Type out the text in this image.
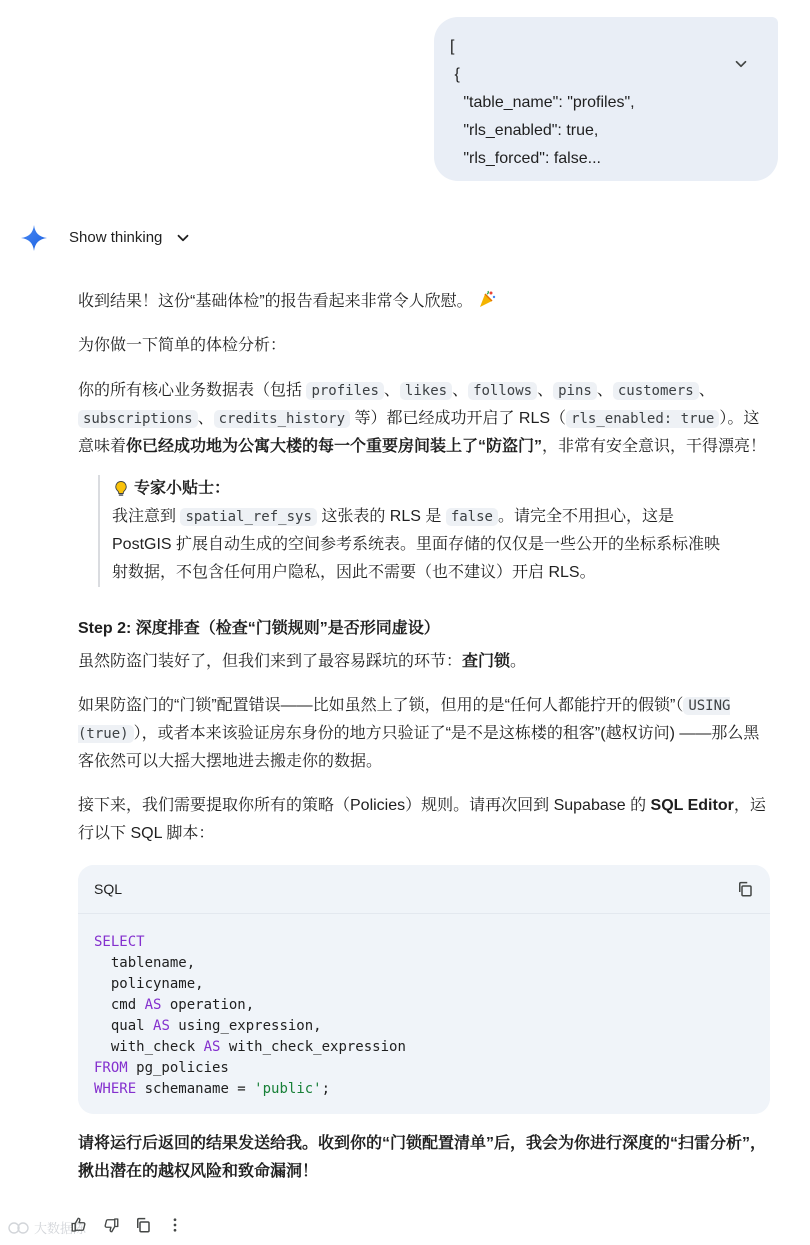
[
{
"table_name": "profiles",
"rls_enabled": true,
"rls_forced": false...
Show thinking
收到结果！这份“基础体检”的报告看起来非常令人欣慰。
为你做一下简单的体检分析：
你的所有核心业务数据表（包括 profiles 、 likes 、 follows 、 pins 、 customers 、
subscriptions 、 credits_history 等）都已经成功开启了 RLS（ rls_enabled: true ）。这意味着你已经成功地为公寓大楼的每一个重要房间装上了“防盗门”，非常有安全意识，干得漂亮！
专家小贴士：
我注意到 spatial_ref_sys 这张表的 RLS 是 false 。请完全不用担心，这是
PostGIS 扩展自动生成的空间参考系统表。里面存储的仅仅是一些公开的坐标系标准映
射数据，不包含任何用户隐私，因此不需要（也不建议）开启 RLS。
Step 2: 深度排查（检查“门锁规则”是否形同虚设）
虽然防盗门装好了，但我们来到了最容易踩坑的环节：查门锁。
如果防盗门的“门锁”配置错误——比如虽然上了锁，但用的是“任何人都能拧开的假锁”（ USING (true) ），或者本来该验证房东身份的地方只验证了“是不是这栋楼的租客”(越权访问) ——那么黑客依然可以大摇大摆地进去搬走你的数据。
接下来，我们需要提取你所有的策略（Policies）规则。请再次回到 Supabase 的 SQL Editor，运行以下 SQL 脚本：
SQL
SELECT
tablename,
policyname,
cmd AS operation,
qual AS using_expression,
with_check AS with_check_expression
FROM pg_policies
WHERE schemaname = 'public';
请将运行后返回的结果发送给我。收到你的“门锁配置清单”后，我会为你进行深度的“扫雷分析”，揪出潜在的越权风险和致命漏洞！
大数据陈
